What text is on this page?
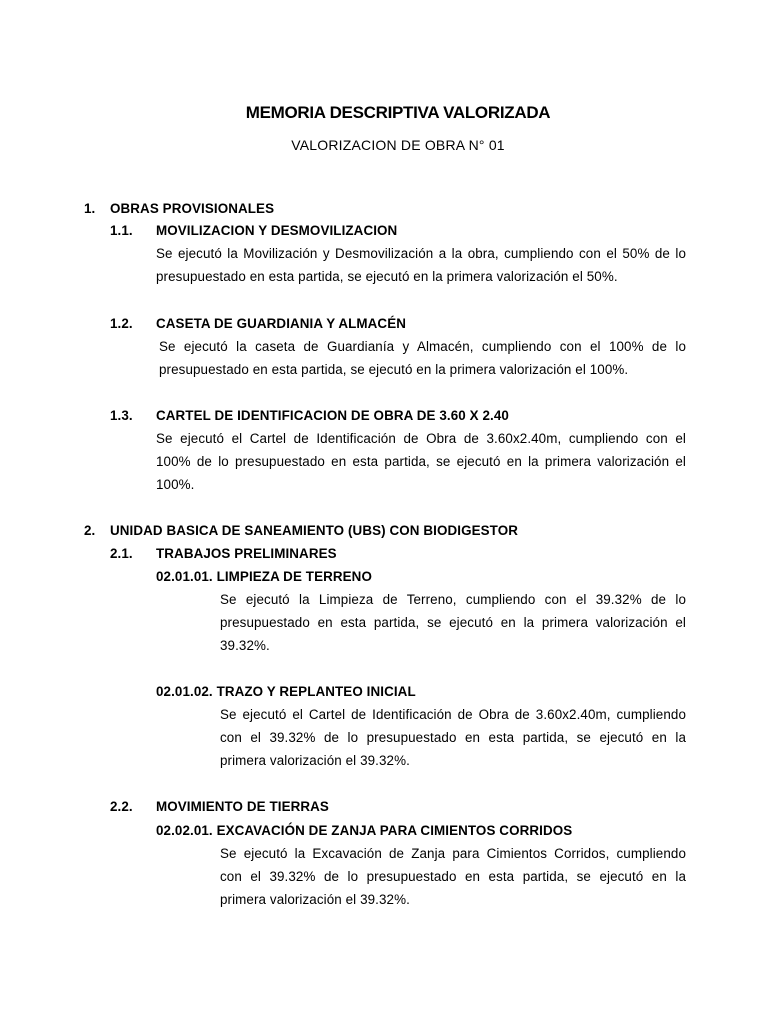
MEMORIA DESCRIPTIVA VALORIZADA
VALORIZACION DE OBRA N° 01
1. OBRAS PROVISIONALES
1.1. MOVILIZACION Y DESMOVILIZACION
Se ejecutó la Movilización y Desmovilización a la obra, cumpliendo con el 50% de lo
presupuestado en esta partida, se ejecutó en la primera valorización el 50%.
1.2. CASETA DE GUARDIANIA Y ALMACÉN
Se ejecutó la caseta de Guardianía y Almacén, cumpliendo con el 100% de lo
presupuestado en esta partida, se ejecutó en la primera valorización el 100%.
1.3. CARTEL DE IDENTIFICACION DE OBRA DE 3.60 X 2.40
Se ejecutó el Cartel de Identificación de Obra de 3.60x2.40m, cumpliendo con el
100% de lo presupuestado en esta partida, se ejecutó en la primera valorización el
100%.
2. UNIDAD BASICA DE SANEAMIENTO (UBS) CON BIODIGESTOR
2.1. TRABAJOS PRELIMINARES
02.01.01. LIMPIEZA DE TERRENO
Se ejecutó la Limpieza de Terreno, cumpliendo con el 39.32% de lo
presupuestado en esta partida, se ejecutó en la primera valorización el
39.32%.
02.01.02. TRAZO Y REPLANTEO INICIAL
Se ejecutó el Cartel de Identificación de Obra de 3.60x2.40m, cumpliendo
con el 39.32% de lo presupuestado en esta partida, se ejecutó en la
primera valorización el 39.32%.
2.2. MOVIMIENTO DE TIERRAS
02.02.01. EXCAVACIÓN DE ZANJA PARA CIMIENTOS CORRIDOS
Se ejecutó la Excavación de Zanja para Cimientos Corridos, cumpliendo
con el 39.32% de lo presupuestado en esta partida, se ejecutó en la
primera valorización el 39.32%.
